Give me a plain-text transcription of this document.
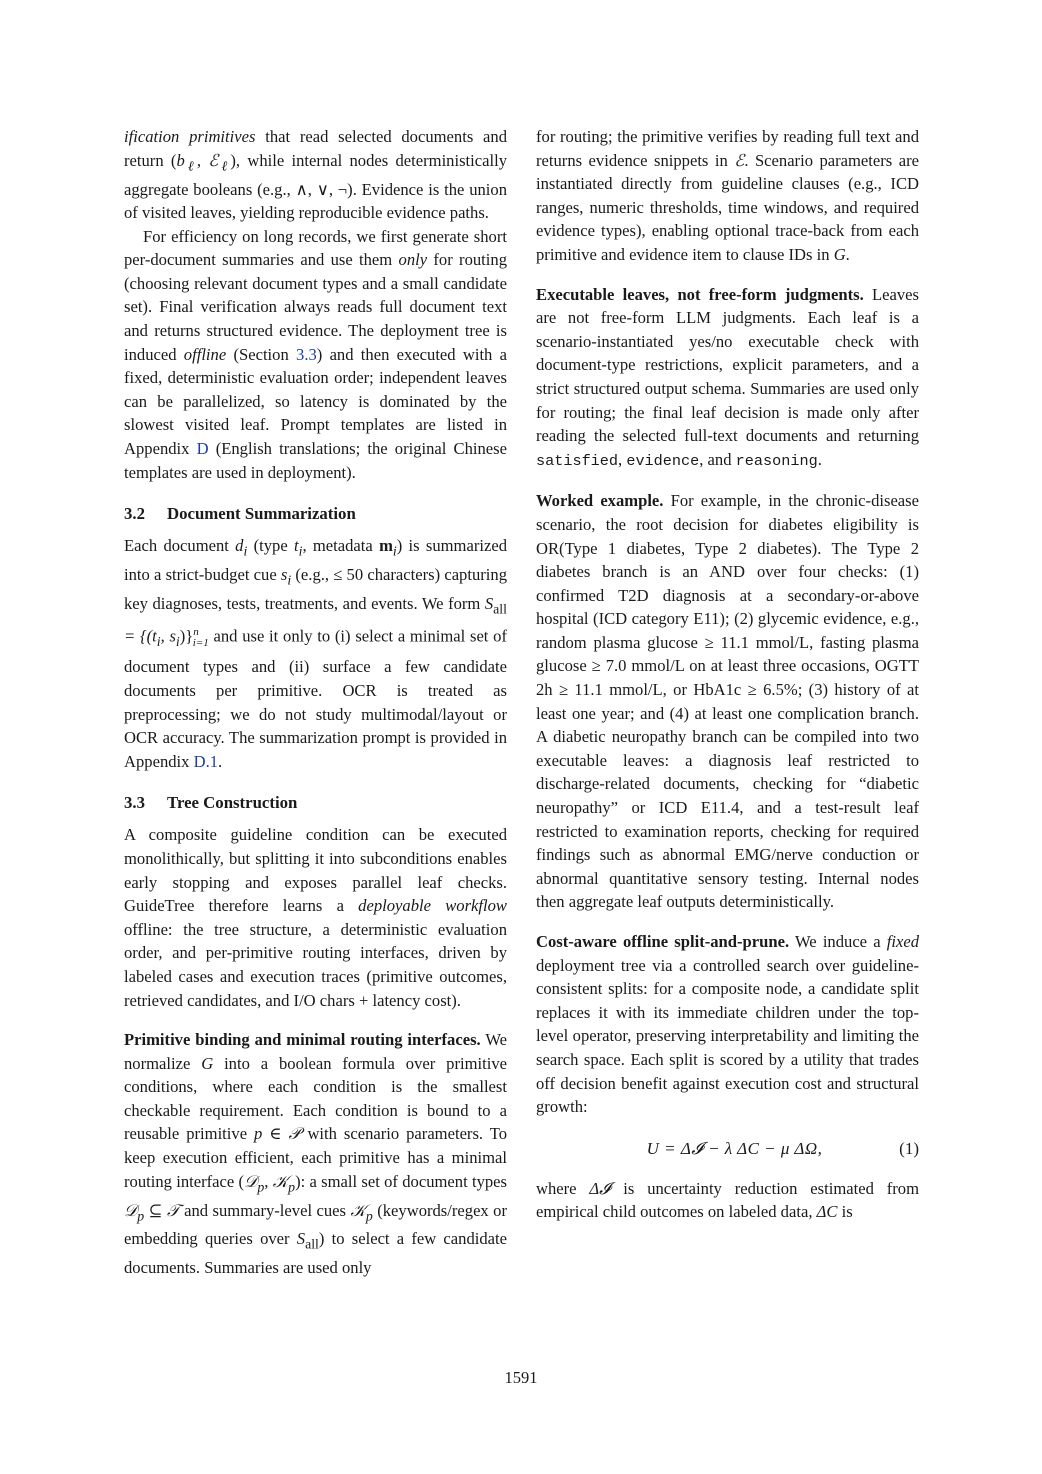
ification primitives that read selected documents and return ($b_\ell$, ℰ$_\ell$), while internal nodes deterministically aggregate booleans (e.g., ∧, ∨, ¬). Evidence is the union of visited leaves, yielding reproducible evidence paths.

For efficiency on long records, we first generate short per-document summaries and use them only for routing (choosing relevant document types and a small candidate set). Final verification always reads full document text and returns structured evidence. The deployment tree is induced offline (Section 3.3) and then executed with a fixed, deterministic evaluation order; independent leaves can be parallelized, so latency is dominated by the slowest visited leaf. Prompt templates are listed in Appendix D (English translations; the original Chinese templates are used in deployment).

3.2 Document Summarization

Each document $d_i$ (type $t_i$, metadata $m_i$) is summarized into a strict-budget cue $s_i$ (e.g., ≤ 50 characters) capturing key diagnoses, tests, treatments, and events. We form $S_{all} = \{(t_i$, $s_i)\}^n_{i=1}$ and use it only to (i) select a minimal set of document types and (ii) surface a few candidate documents per primitive. OCR is treated as preprocessing; we do not study multimodal/layout or OCR accuracy. The summarization prompt is provided in Appendix D.1.

3.3 Tree Construction

A composite guideline condition can be executed monolithically, but splitting it into subconditions enables early stopping and exposes parallel leaf checks. GuideTree therefore learns a deployable workflow offline: the tree structure, a deterministic evaluation order, and per-primitive routing interfaces, driven by labeled cases and execution traces (primitive outcomes, retrieved candidates, and I/O chars + latency cost).

Primitive binding and minimal routing interfaces. We normalize G into a boolean formula over primitive conditions, where each condition is the smallest checkable requirement. Each condition is bound to a reusable primitive p ∈ 𝒫 with scenario parameters. To keep execution efficient, each primitive has a minimal routing interface (𝒟$_p$, 𝒦$_p$): a small set of document types 𝒟$_p$ ⊆ 𝒯 and summary-level cues 𝒦$_p$ (keywords/regex or embedding queries over $S_{all}$) to select a few candidate documents. Summaries are used only

for routing; the primitive verifies by reading full text and returns evidence snippets in ℰ. Scenario parameters are instantiated directly from guideline clauses (e.g., ICD ranges, numeric thresholds, time windows, and required evidence types), enabling optional trace-back from each primitive and evidence item to clause IDs in G.

Executable leaves, not free-form judgments. Leaves are not free-form LLM judgments. Each leaf is a scenario-instantiated yes/no executable check with document-type restrictions, explicit parameters, and a strict structured output schema. Summaries are used only for routing; the final leaf decision is made only after reading the selected full-text documents and returning satisfied, evidence, and reasoning.

Worked example. For example, in the chronic-disease scenario, the root decision for diabetes eligibility is OR(Type 1 diabetes, Type 2 diabetes). The Type 2 diabetes branch is an AND over four checks: (1) confirmed T2D diagnosis at a secondary-or-above hospital (ICD category E11); (2) glycemic evidence, e.g., random plasma glucose ≥ 11.1 mmol/L, fasting plasma glucose ≥ 7.0 mmol/L on at least three occasions, OGTT 2h ≥ 11.1 mmol/L, or HbA1c ≥ 6.5%; (3) history of at least one year; and (4) at least one complication branch. A diabetic neuropathy branch can be compiled into two executable leaves: a diagnosis leaf restricted to discharge-related documents, checking for “diabetic neuropathy” or ICD E11.4, and a test-result leaf restricted to examination reports, checking for required findings such as abnormal EMG/nerve conduction or abnormal quantitative sensory testing. Internal nodes then aggregate leaf outputs deterministically.

Cost-aware offline split-and-prune. We induce a fixed deployment tree via a controlled search over guideline-consistent splits: for a composite node, a candidate split replaces it with its immediate children under the top-level operator, preserving interpretability and limiting the search space. Each split is scored by a utility that trades off decision benefit against execution cost and structural growth:

U = Δ𝓘 − λ ΔC − μ ΔΩ,	(1)

where Δ𝓘 is uncertainty reduction estimated from empirical child outcomes on labeled data, ΔC is

1591
